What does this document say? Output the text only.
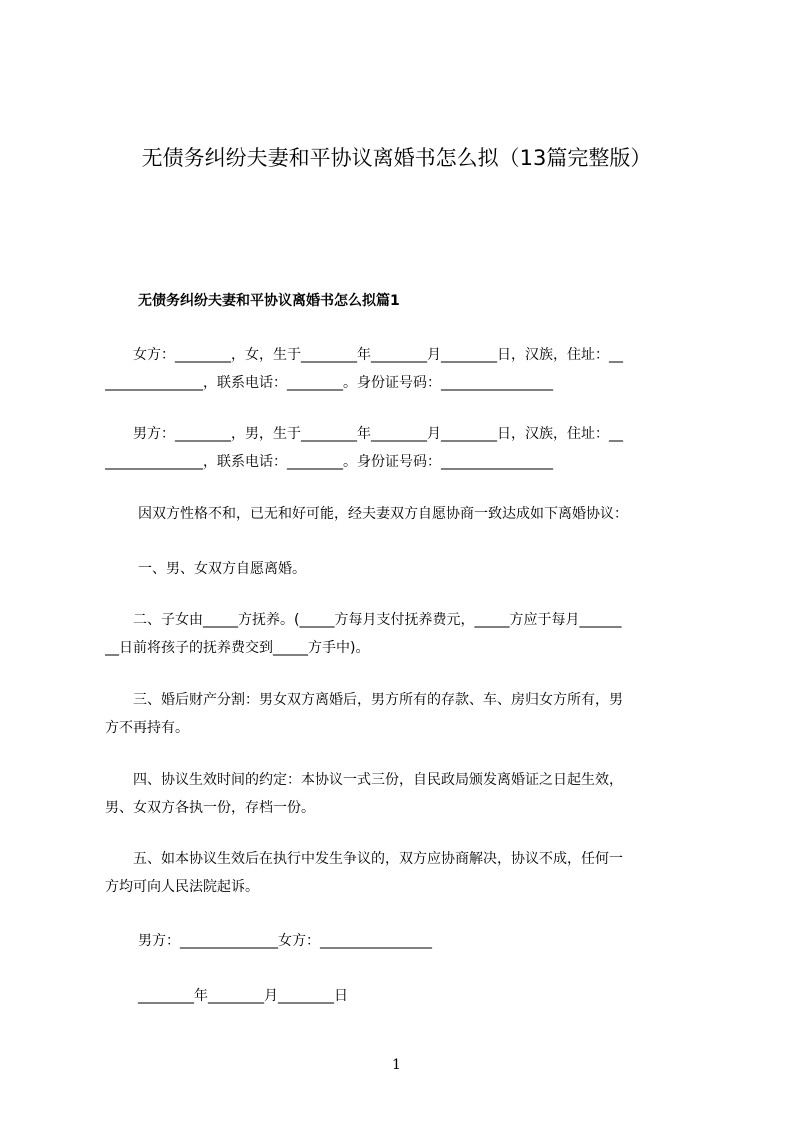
无债务纠纷夫妻和平协议离婚书怎么拟（13篇完整版）
无债务纠纷夫妻和平协议离婚书怎么拟篇1
　　女方：________，女，生于________年________月________日，汉族，住址：__
______________，联系电话：________。身份证号码：________________
　　男方：________，男，生于________年________月________日，汉族，住址：__
______________，联系电话：________。身份证号码：________________
因双方性格不和，已无和好可能，经夫妻双方自愿协商一致达成如下离婚协议：
一、男、女双方自愿离婚。
　　二、子女由_____方抚养。(_____方每月支付抚养费元，_____方应于每月______
__日前将孩子的抚养费交到_____方手中)。
　　三、婚后财产分割：男女双方离婚后，男方所有的存款、车、房归女方所有，男
方不再持有。
　　四、协议生效时间的约定：本协议一式三份，自民政局颁发离婚证之日起生效，
男、女双方各执一份，存档一份。
　　五、如本协议生效后在执行中发生争议的，双方应协商解决，协议不成，任何一
方均可向人民法院起诉。
男方：______________女方：________________
________年________月________日
1
